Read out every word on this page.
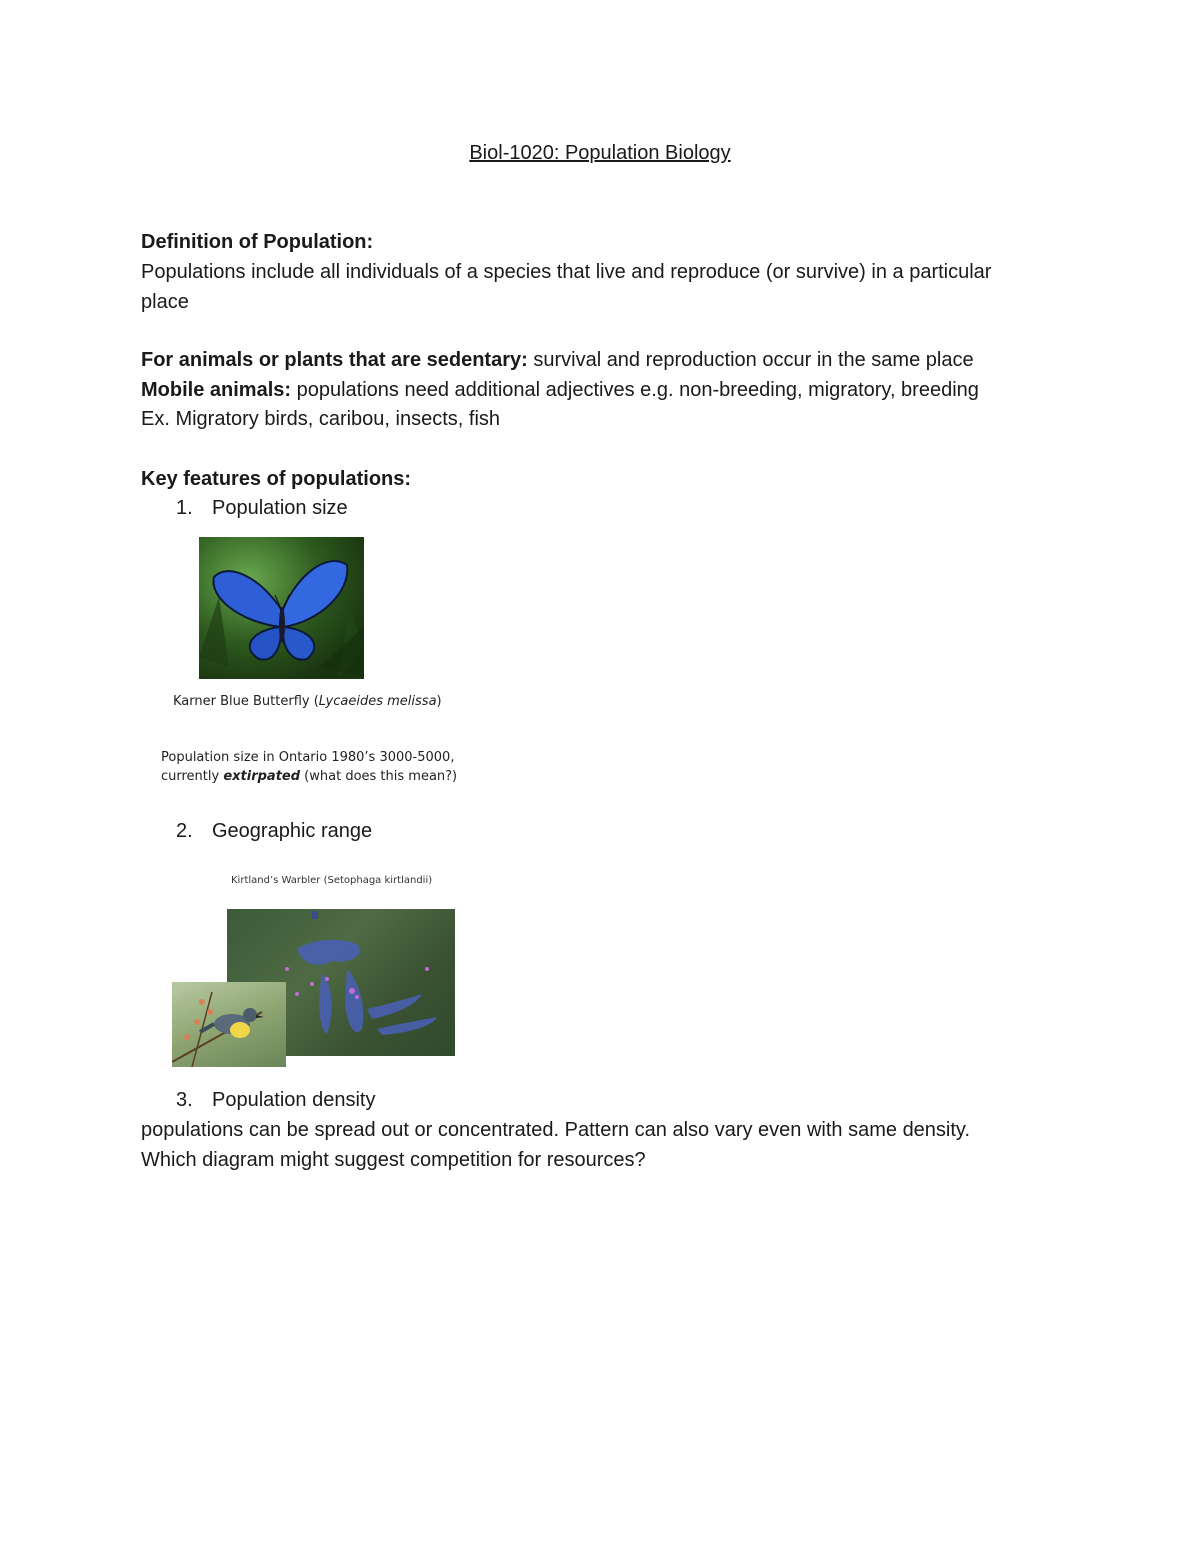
Biol-1020: Population Biology
Definition of Population:
Populations include all individuals of a species that live and reproduce (or survive) in a particular
place
For animals or plants that are sedentary: survival and reproduction occur in the same place
Mobile animals: populations need additional adjectives e.g. non-breeding, migratory, breeding
Ex. Migratory birds, caribou, insects, fish
Key features of populations:
1. Population size
Karner Blue Butterfly (Lycaeides melissa)
Population size in Ontario 1980’s 3000-5000,
currently extirpated (what does this mean?)
2. Geographic range
Kirtland’s Warbler (Setophaga kirtlandii)
3. Population density
populations can be spread out or concentrated. Pattern can also vary even with same density.
Which diagram might suggest competition for resources?
